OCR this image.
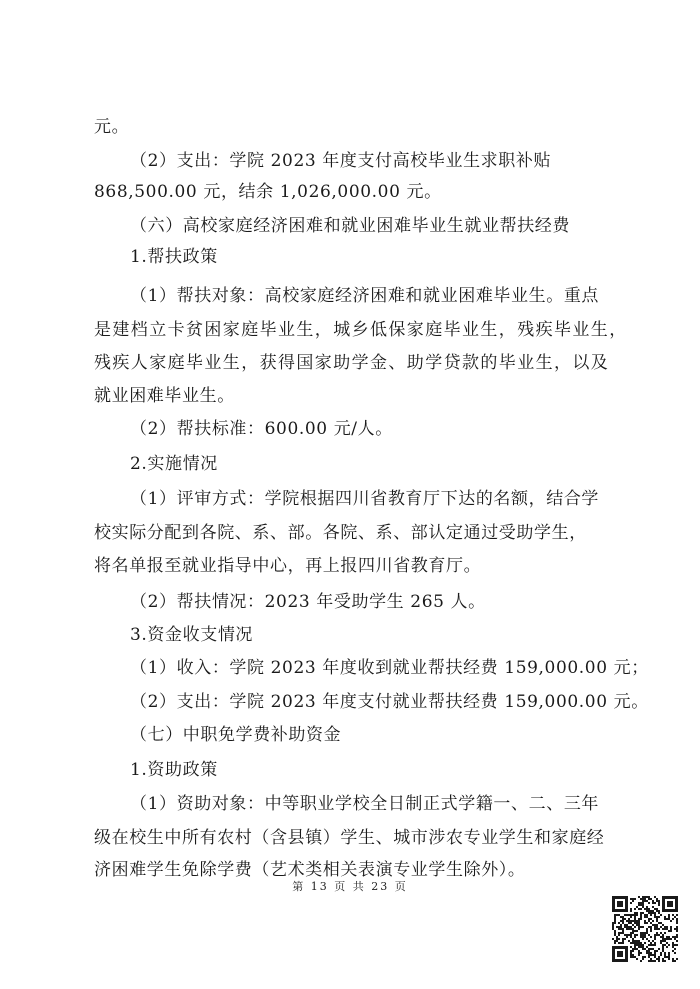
元。
（2）支出：学院 2023 年度支付高校毕业生求职补贴
868,500.00 元，结余 1,026,000.00 元。
（六）高校家庭经济困难和就业困难毕业生就业帮扶经费
1.帮扶政策
（1）帮扶对象：高校家庭经济困难和就业困难毕业生。重点
是建档立卡贫困家庭毕业生，城乡低保家庭毕业生，残疾毕业生，
残疾人家庭毕业生，获得国家助学金、助学贷款的毕业生，以及
就业困难毕业生。
（2）帮扶标准：600.00 元/人。
2.实施情况
（1）评审方式：学院根据四川省教育厅下达的名额，结合学
校实际分配到各院、系、部。各院、系、部认定通过受助学生，
将名单报至就业指导中心，再上报四川省教育厅。
（2）帮扶情况：2023 年受助学生 265 人。
3.资金收支情况
（1）收入：学院 2023 年度收到就业帮扶经费 159,000.00 元；
（2）支出：学院 2023 年度支付就业帮扶经费 159,000.00 元。
（七）中职免学费补助资金
1.资助政策
（1）资助对象：中等职业学校全日制正式学籍一、二、三年
级在校生中所有农村（含县镇）学生、城市涉农专业学生和家庭经
济困难学生免除学费（艺术类相关表演专业学生除外）。
第 13 页 共 23 页
